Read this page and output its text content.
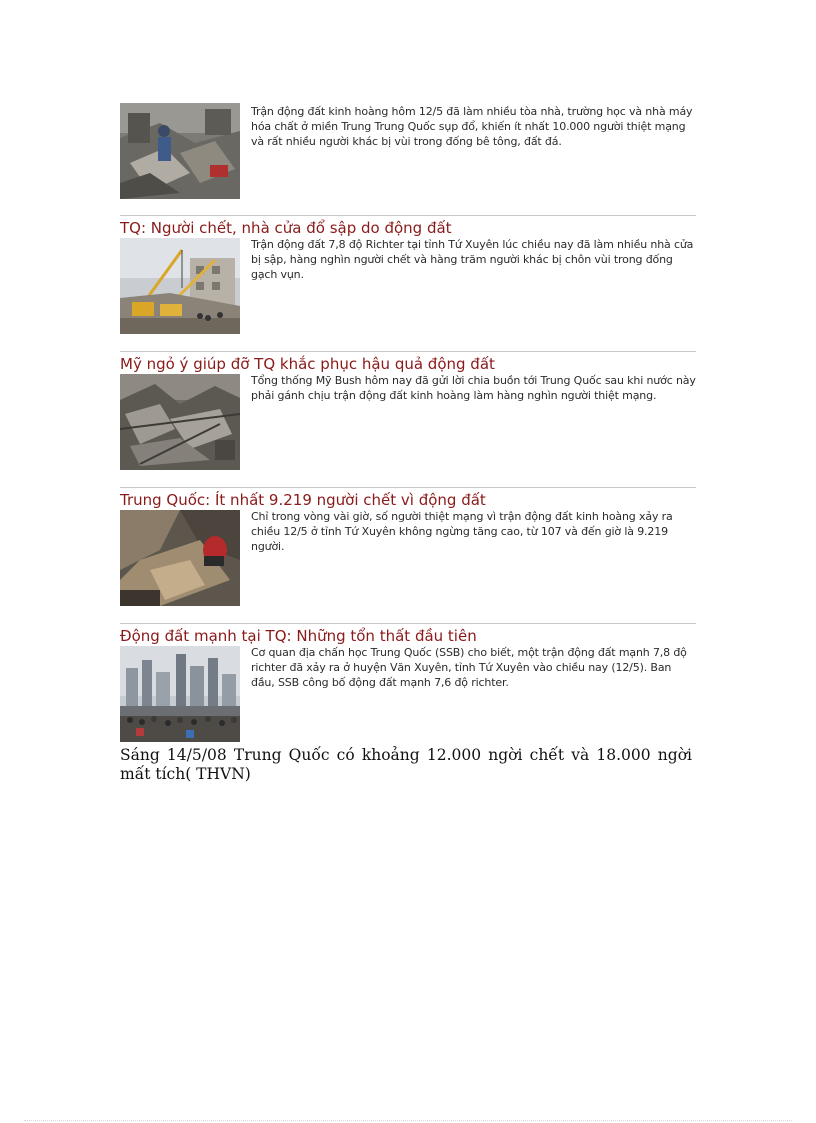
Trận động đất kinh hoàng hôm 12/5 đã làm nhiều tòa nhà, trường học và nhà máy hóa chất ở miền Trung Trung Quốc sụp đổ, khiến ít nhất 10.000 người thiệt mạng và rất nhiều người khác bị vùi trong đống bê tông, đất đá.
TQ: Người chết, nhà cửa đổ sập do động đất
Trận động đất 7,8 độ Richter tại tỉnh Tứ Xuyên lúc chiều nay đã làm nhiều nhà cửa bị sập, hàng nghìn người chết và hàng trăm người khác bị chôn vùi trong đống gạch vụn.
Mỹ ngỏ ý giúp đỡ TQ khắc phục hậu quả động đất
Tổng thống Mỹ Bush hôm nay đã gửi lời chia buồn tới Trung Quốc sau khi nước này phải gánh chịu trận động đất kinh hoàng làm hàng nghìn người thiệt mạng.
Trung Quốc: Ít nhất 9.219 người chết vì động đất
Chỉ trong vòng vài giờ, số người thiệt mạng vì trận động đất kinh hoàng xảy ra chiều 12/5 ở tỉnh Tứ Xuyên không ngừng tăng cao, từ 107 và đến giờ là 9.219 người.
Động đất mạnh tại TQ: Những tổn thất đầu tiên
Cơ quan địa chấn học Trung Quốc (SSB) cho biết, một trận động đất mạnh 7,8 độ richter đã xảy ra ở huyện Văn Xuyên, tỉnh Tứ Xuyên vào chiều nay (12/5). Ban đầu, SSB công bố động đất mạnh 7,6 độ richter.
Sáng 14/5/08 Trung Quốc có khoảng 12.000 ngời chết và 18.000 ngời mất tích( THVN)
